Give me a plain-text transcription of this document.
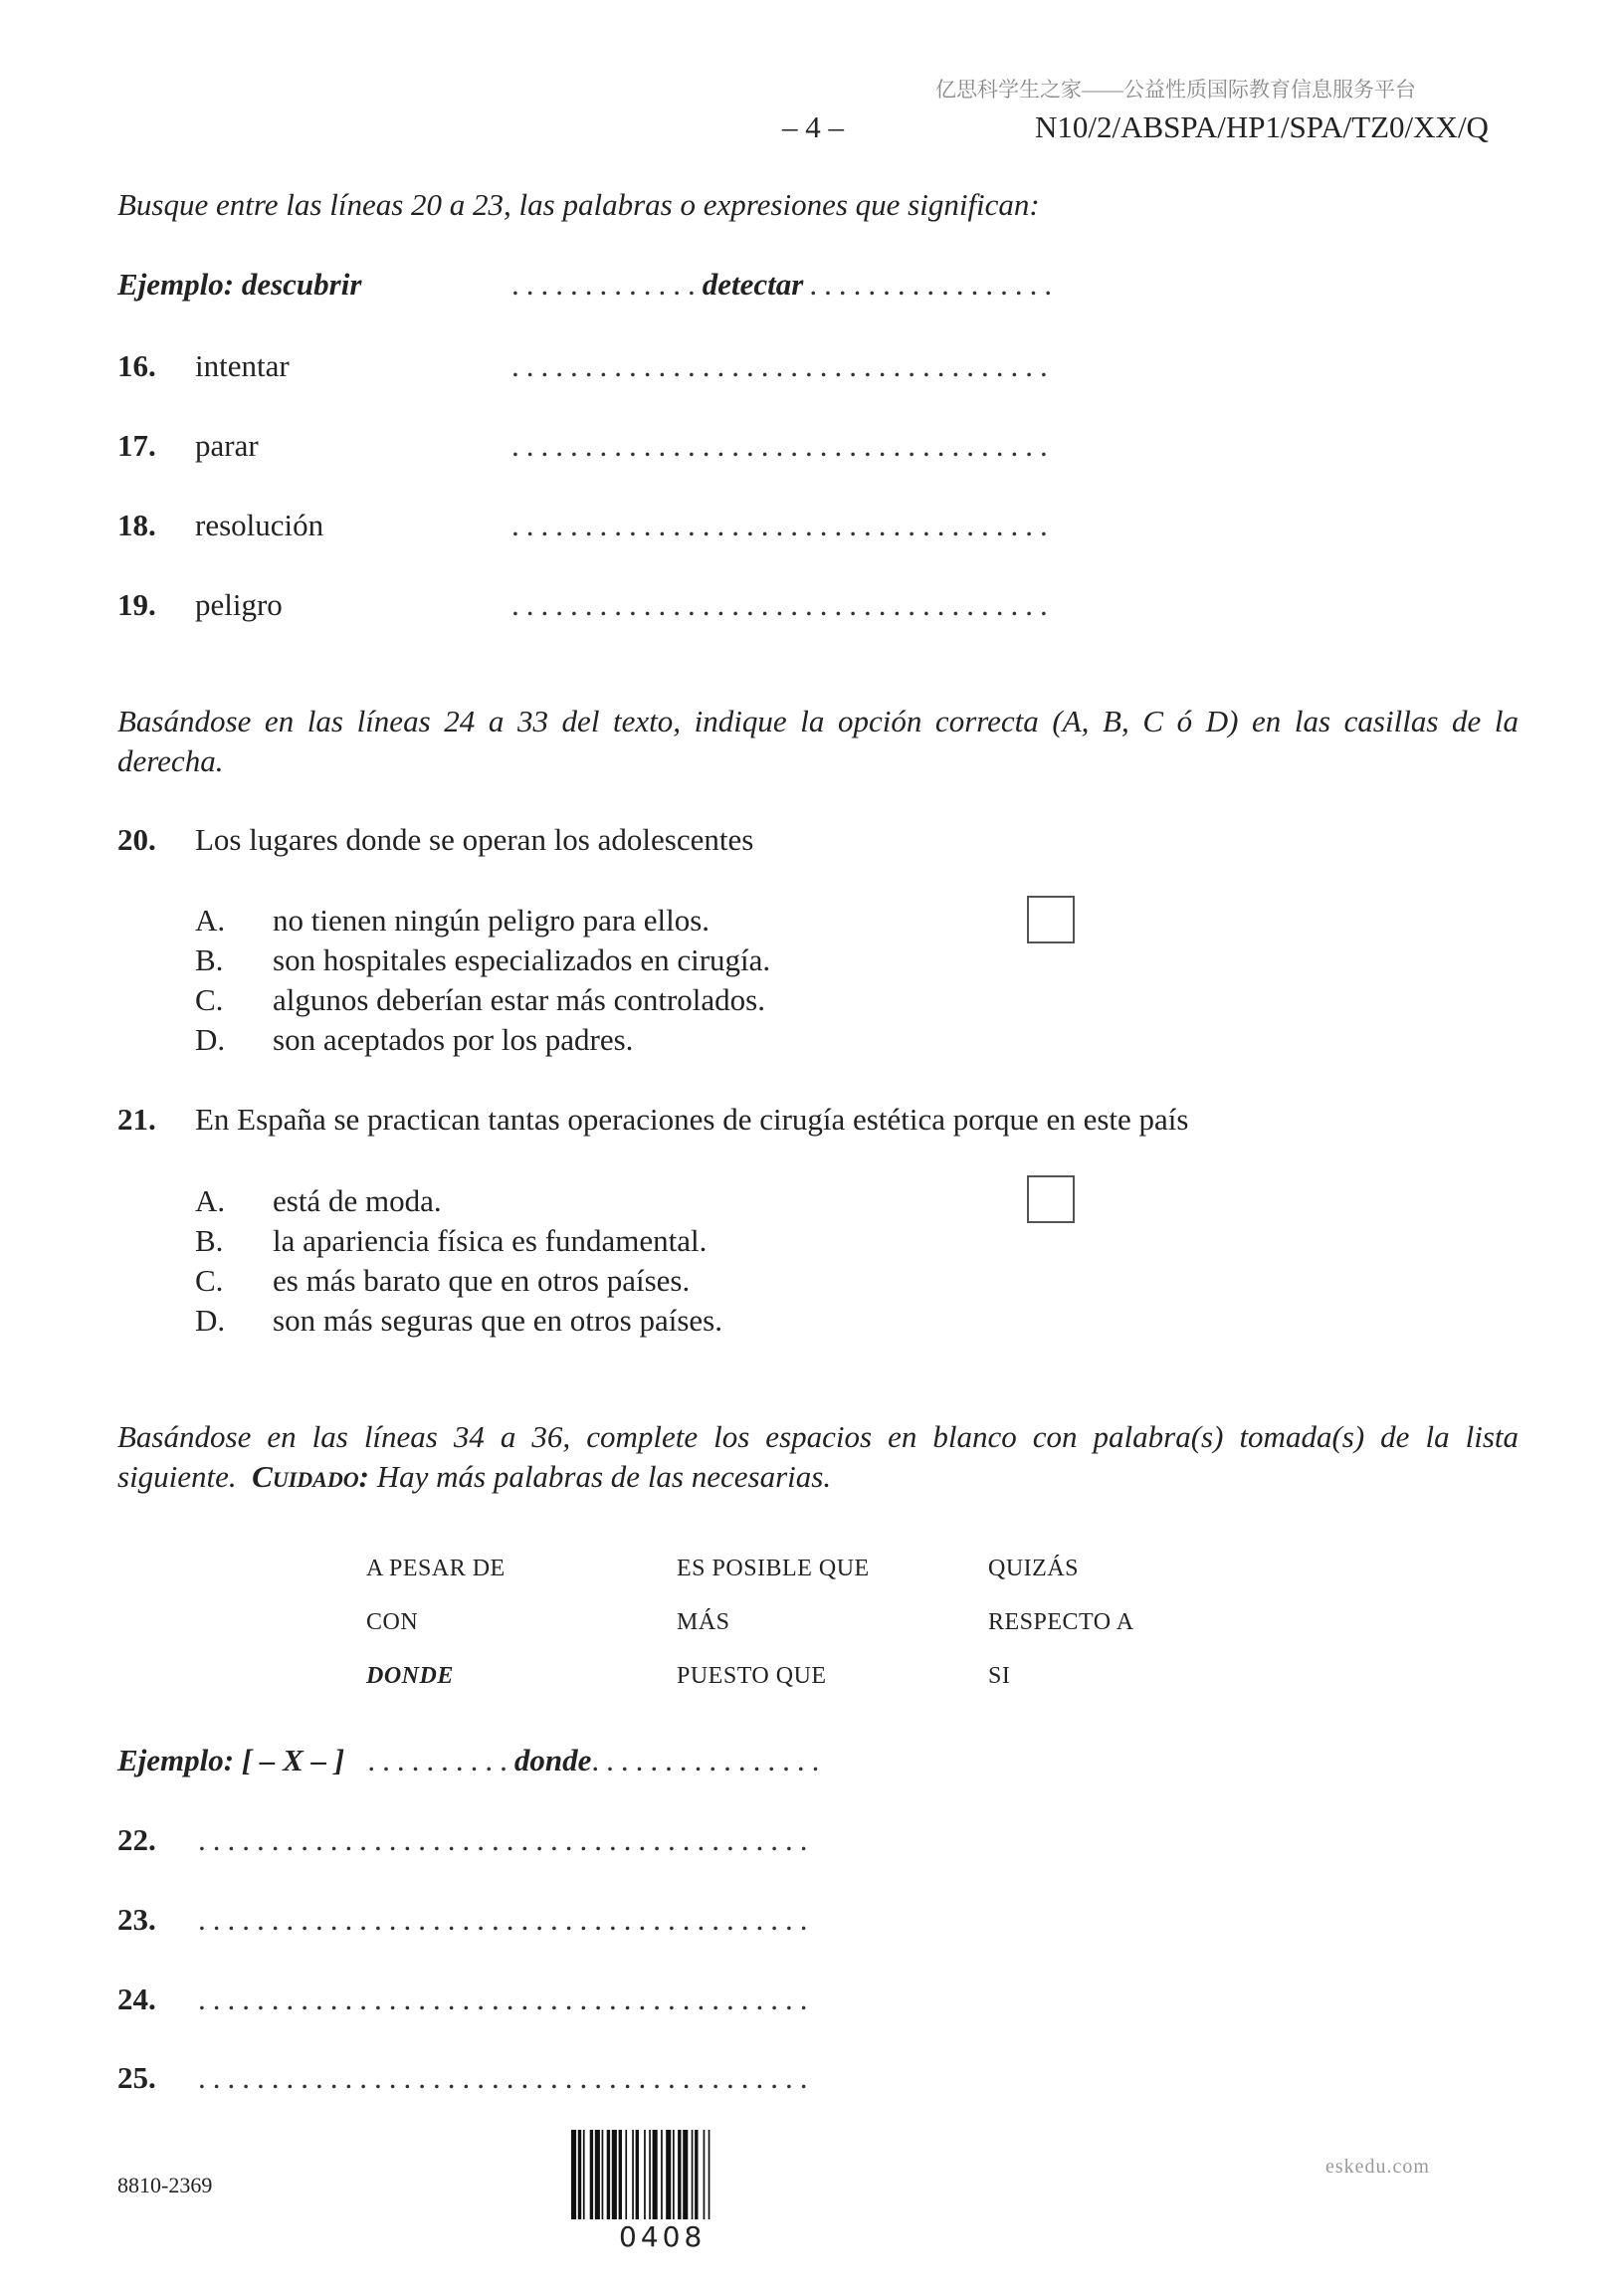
亿思科学生之家——公益性质国际教育信息服务平台
– 4 –	N10/2/ABSPA/HP1/SPA/TZ0/XX/Q
Busque entre las líneas 20 a 23, las palabras o expresiones que significan:
Ejemplo: descubrir	.............detectar .................
16. intentar	.....................................
17. parar	.....................................
18. resolución	.....................................
19. peligro	.....................................
Basándose en las líneas 24 a 33 del texto, indique la opción correcta (A, B, C ó D) en las casillas de la
derecha.
20. Los lugares donde se operan los adolescentes
A. no tienen ningún peligro para ellos.
B. son hospitales especializados en cirugía.
C. algunos deberían estar más controlados.
D. son aceptados por los padres.
21. En España se practican tantas operaciones de cirugía estética porque en este país
A. está de moda.
B. la apariencia física es fundamental.
C. es más barato que en otros países.
D. son más seguras que en otros países.
Basándose en las líneas 34 a 36, complete los espacios en blanco con palabra(s) tomada(s) de la lista
siguiente. Cuidado: Hay más palabras de las necesarias.
A PESAR DE	ES POSIBLE QUE	QUIZÁS
CON	MÁS	RESPECTO A
DONDE	PUESTO QUE	SI
Ejemplo: [ – X – ] ..........donde................
22. ..........................................
23. ..........................................
24. ..........................................
25. ..........................................
8810-2369
0408
eskedu.com
